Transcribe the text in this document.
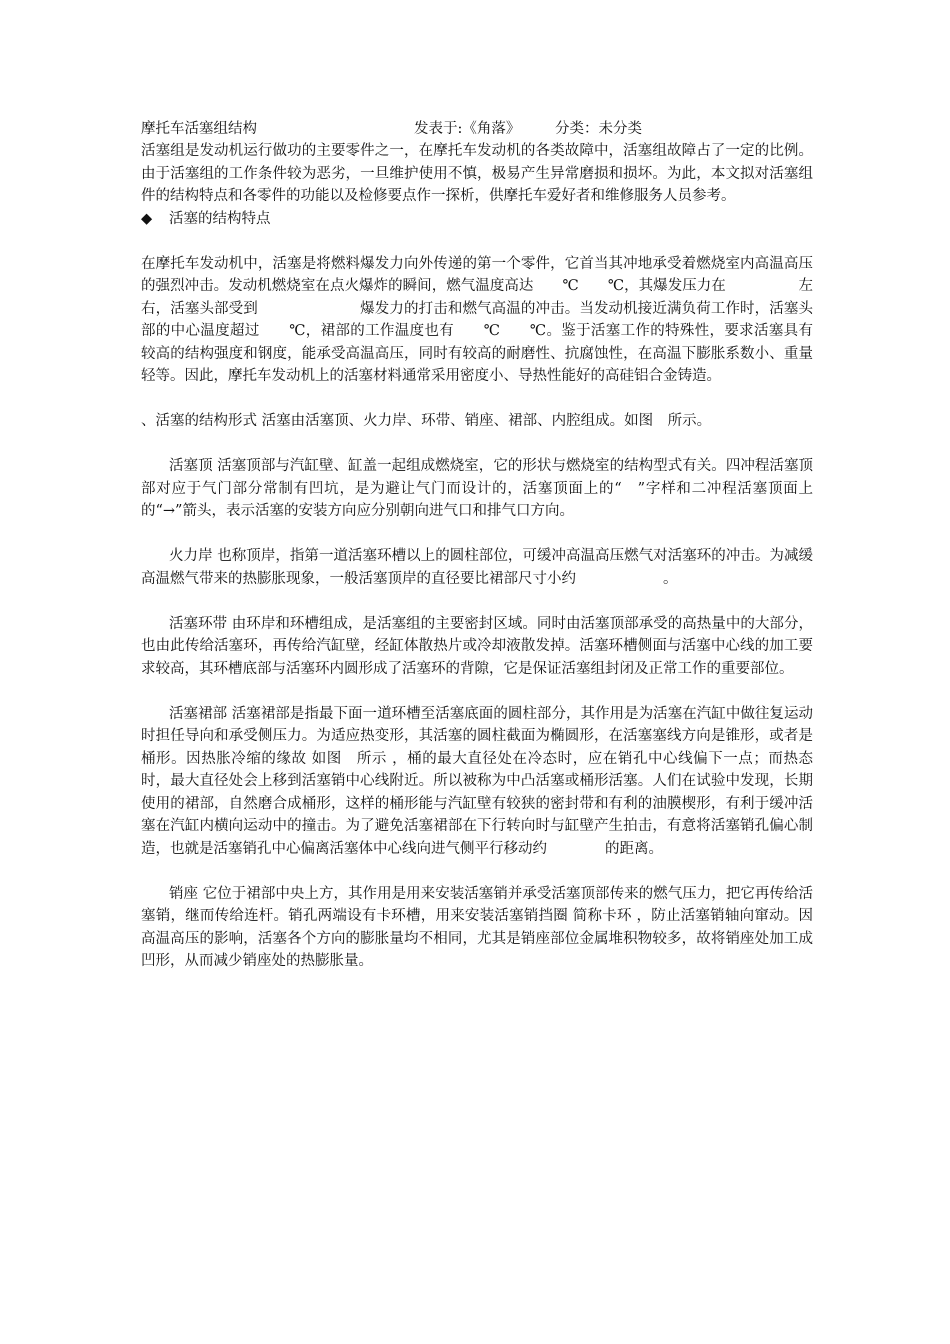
摩托车活塞组结构	发表于:《角落》	分类：未分类

活塞组是发动机运行做功的主要零件之一，在摩托车发动机的各类故障中，活塞组故障占了一定的比例。由于活塞组的工作条件较为恶劣，一旦维护使用不慎，极易产生异常磨损和损坏。为此，本文拟对活塞组件的结构特点和各零件的功能以及检修要点作一探析，供摩托车爱好者和维修服务人员参考。

◆	活塞的结构特点

在摩托车发动机中，活塞是将燃料爆发力向外传递的第一个零件，它首当其冲地承受着燃烧室内高温高压的强烈冲击。发动机燃烧室在点火爆炸的瞬间，燃气温度高达　　℃　　℃，其爆发压力在　　　　　左右，活塞头部受到　　　　　　　爆发力的打击和燃气高温的冲击。当发动机接近满负荷工作时，活塞头部的中心温度超过　　℃，裙部的工作温度也有　　℃　　℃。鉴于活塞工作的特殊性，要求活塞具有较高的结构强度和钢度，能承受高温高压，同时有较高的耐磨性、抗腐蚀性，在高温下膨胀系数小、重量轻等。因此，摩托车发动机上的活塞材料通常采用密度小、导热性能好的高硅铝合金铸造。

、活塞的结构形式 活塞由活塞顶、火力岸、环带、销座、裙部、内腔组成。如图　所示。

活塞顶 活塞顶部与汽缸壁、缸盖一起组成燃烧室，它的形状与燃烧室的结构型式有关。四冲程活塞顶部对应于气门部分常制有凹坑，是为避让气门而设计的，活塞顶面上的“　”字样和二冲程活塞顶面上的“→”箭头，表示活塞的安装方向应分别朝向进气口和排气口方向。

火力岸 也称顶岸，指第一道活塞环槽以上的圆柱部位，可缓冲高温高压燃气对活塞环的冲击。为减缓高温燃气带来的热膨胀现象，一般活塞顶岸的直径要比裙部尺寸小约　　　　　　。

活塞环带 由环岸和环槽组成，是活塞组的主要密封区域。同时由活塞顶部承受的高热量中的大部分，也由此传给活塞环，再传给汽缸壁，经缸体散热片或冷却液散发掉。活塞环槽侧面与活塞中心线的加工要求较高，其环槽底部与活塞环内圆形成了活塞环的背隙，它是保证活塞组封闭及正常工作的重要部位。

活塞裙部 活塞裙部是指最下面一道环槽至活塞底面的圆柱部分，其作用是为活塞在汽缸中做往复运动时担任导向和承受侧压力。为适应热变形，其活塞的圆柱截面为椭圆形，在活塞塞线方向是锥形，或者是桶形。因热胀冷缩的缘故 如图　所示 ，桶的最大直径处在冷态时，应在销孔中心线偏下一点；而热态时，最大直径处会上移到活塞销中心线附近。所以被称为中凸活塞或桶形活塞。人们在试验中发现，长期使用的裙部，自然磨合成桶形，这样的桶形能与汽缸壁有较狭的密封带和有利的油膜楔形，有利于缓冲活塞在汽缸内横向运动中的撞击。为了避免活塞裙部在下行转向时与缸壁产生拍击，有意将活塞销孔偏心制造，也就是活塞销孔中心偏离活塞体中心线向进气侧平行移动约　　　　的距离。

销座 它位于裙部中央上方，其作用是用来安装活塞销并承受活塞顶部传来的燃气压力，把它再传给活塞销，继而传给连杆。销孔两端设有卡环槽，用来安装活塞销挡圈 简称卡环 ，防止活塞销轴向窜动。因高温高压的影响，活塞各个方向的膨胀量均不相同，尤其是销座部位金属堆积物较多，故将销座处加工成凹形，从而减少销座处的热膨胀量。
